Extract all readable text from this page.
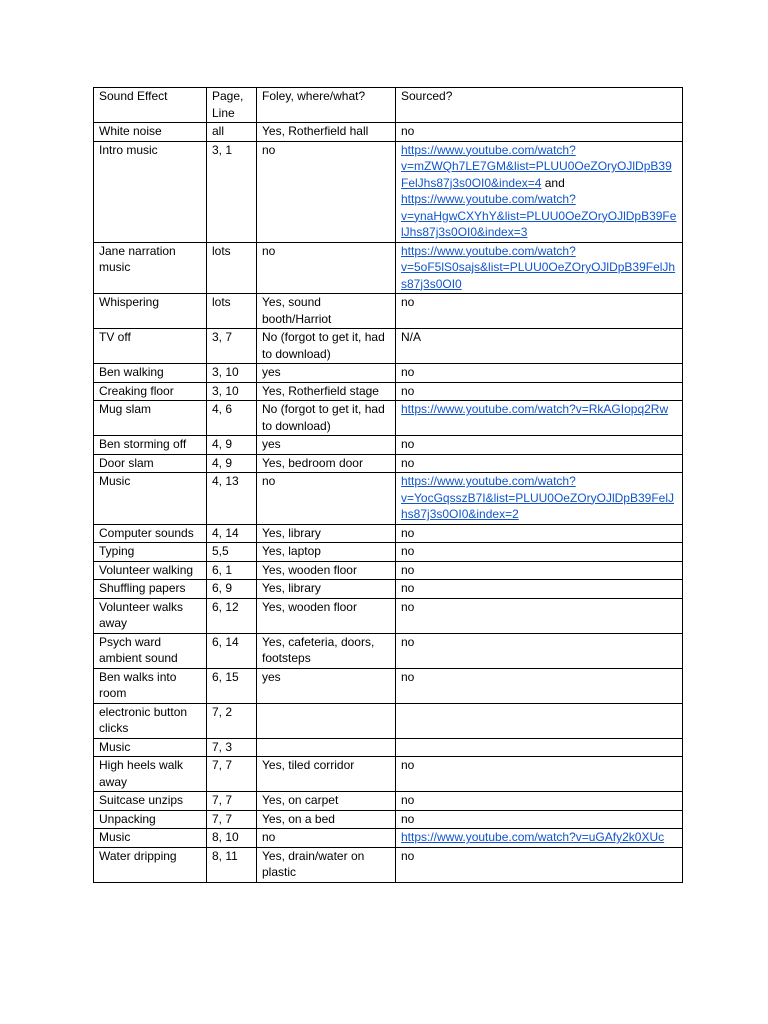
Sound Effect	Page, Line	Foley, where/what?	Sourced?
White noise	all	Yes, Rotherfield hall	no
Intro music	3, 1	no	https://www.youtube.com/watch?v=mZWQh7LE7GM&list=PLUU0OeZOryOJlDpB39FelJhs87j3s0OI0&index=4 and https://www.youtube.com/watch?v=ynaHgwCXYhY&list=PLUU0OeZOryOJlDpB39FelJhs87j3s0OI0&index=3
Jane narration music	lots	no	https://www.youtube.com/watch?v=5oF5lS0sajs&list=PLUU0OeZOryOJlDpB39FelJhs87j3s0OI0
Whispering	lots	Yes, sound booth/Harriot	no
TV off	3, 7	No (forgot to get it, had to download)	N/A
Ben walking	3, 10	yes	no
Creaking floor	3, 10	Yes, Rotherfield stage	no
Mug slam	4, 6	No (forgot to get it, had to download)	https://www.youtube.com/watch?v=RkAGIopq2Rw
Ben storming off	4, 9	yes	no
Door slam	4, 9	Yes, bedroom door	no
Music	4, 13	no	https://www.youtube.com/watch?v=YocGqsszB7I&list=PLUU0OeZOryOJlDpB39FelJhs87j3s0OI0&index=2
Computer sounds	4, 14	Yes, library	no
Typing	5,5	Yes, laptop	no
Volunteer walking	6, 1	Yes, wooden floor	no
Shuffling papers	6, 9	Yes, library	no
Volunteer walks away	6, 12	Yes, wooden floor	no
Psych ward ambient sound	6, 14	Yes, cafeteria, doors, footsteps	no
Ben walks into room	6, 15	yes	no
electronic button clicks	7, 2		
Music	7, 3		
High heels walk away	7, 7	Yes, tiled corridor	no
Suitcase unzips	7, 7	Yes, on carpet	no
Unpacking	7, 7	Yes, on a bed	no
Music	8, 10	no	https://www.youtube.com/watch?v=uGAfy2k0XUc
Water dripping	8, 11	Yes, drain/water on plastic	no
